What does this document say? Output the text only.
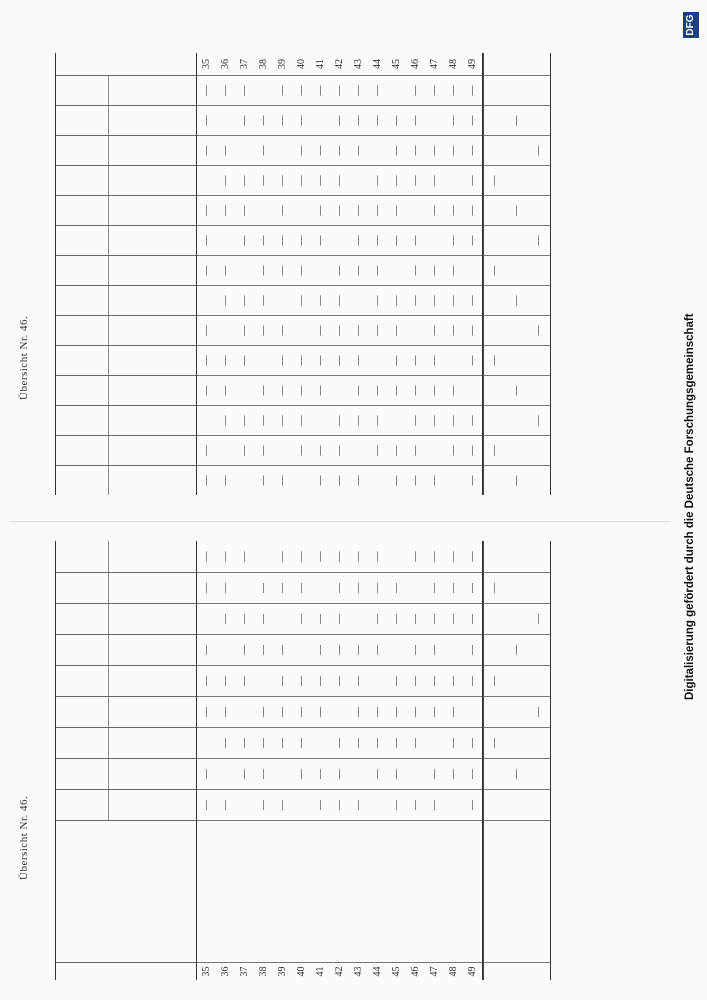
Übersicht Nr. 46.
Übersicht Nr. 46.
35
—
—
—
—
—
—
—
36
—
—
—
—
—
—
—
37
—
—
—
—
—
—
38
—
—
—
—
—
—
—
39
—
—
—
—
—
—
—
40
—
—
—
—
—
—
—
41
—
—
—
—
—
—
—
42
—
—
—
—
—
—
—
—
43
—
—
—
—
—
—
—
44
—
—
—
—
—
—
—
45
—
—
—
—
—
—
—
46
—
—
—
—
—
—
—
47
—
—
—
—
—
—
—
—
48
—
—
—
—
—
—
—
49
—
—
—
—
—
—
—
—
—
—
—
—
—
—
—
—
—
—
—
—
—
—
—
—
—
—
35
—
—
—
—
—
—
—
—
—
—
36
—
—
—
—
—
—
—
—
—
—
37
—
—
—
—
—
—
—
—
—
—
—
38
—
—
—
—
—
—
—
—
—
—
—
39
—
—
—
—
—
—
—
—
—
—
—
40
—
—
—
—
—
—
—
—
—
—
—
41
—
—
—
—
—
—
—
—
—
—
—
—
42
—
—
—
—
—
—
—
—
—
—
—
43
—
—
—
—
—
—
—
—
—
—
—
44
—
—
—
—
—
—
—
—
—
—
—
45
—
—
—
—
—
—
—
—
—
—
—
—
46
—
—
—
—
—
—
—
—
—
—
—
47
—
—
—
—
—
—
—
—
—
—
—
48
—
—
—
—
—
—
—
—
—
—
—
—
49
—
—
—
—
—
—
—
—
—
—
—
—
—
Digitalisierung gefördert durch die Deutsche Forschungsgemeinschaft
DFG
